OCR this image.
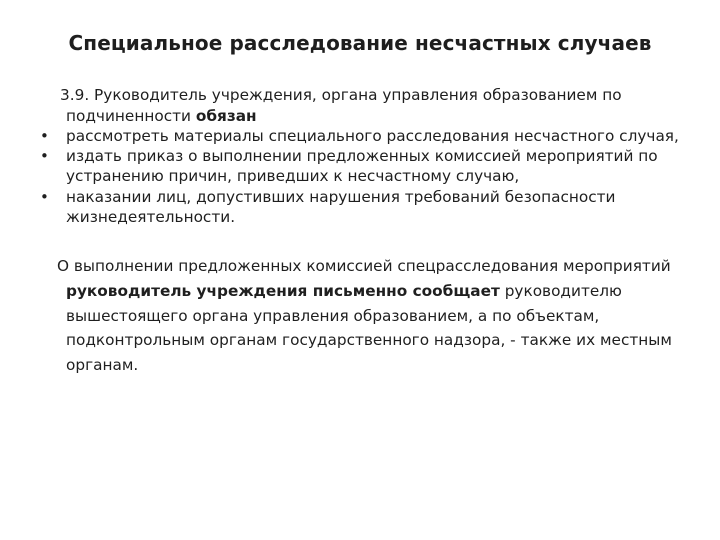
Специальное расследование несчастных случаев

3.9. Руководитель учреждения, органа управления образованием по подчиненности обязан

• рассмотреть материалы специального расследования несчастного случая,
• издать приказ о выполнении предложенных комиссией мероприятий по устранению причин, приведших к несчастному случаю,
• наказании лиц, допустивших нарушения требований безопасности жизнедеятельности.

О выполнении предложенных комиссией спецрасследования мероприятий руководитель учреждения письменно сообщает руководителю вышестоящего органа управления образованием, а по объектам, подконтрольным органам государственного надзора, - также их местным органам.
